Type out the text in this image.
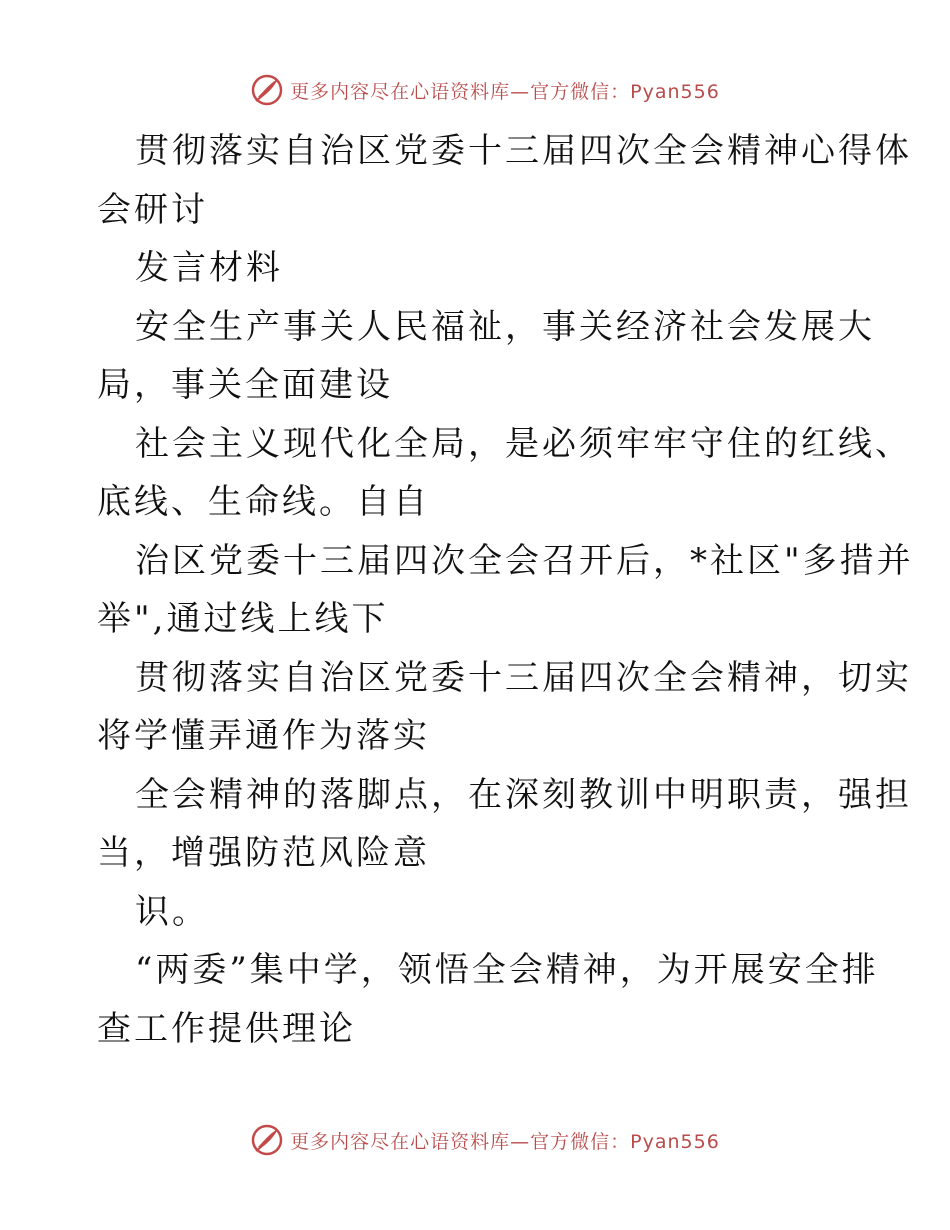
更多内容尽在心语资料库—官方微信：Pyan556
贯彻落实自治区党委十三届四次全会精神心得体
会研讨
发言材料
安全生产事关人民福祉，事关经济社会发展大
局，事关全面建设
社会主义现代化全局，是必须牢牢守住的红线、
底线、生命线。自自
治区党委十三届四次全会召开后，*社区"多措并
举",通过线上线下
贯彻落实自治区党委十三届四次全会精神，切实
将学懂弄通作为落实
全会精神的落脚点，在深刻教训中明职责，强担
当，增强防范风险意
识。
“两委”集中学，领悟全会精神，为开展安全排
查工作提供理论
更多内容尽在心语资料库—官方微信：Pyan556
